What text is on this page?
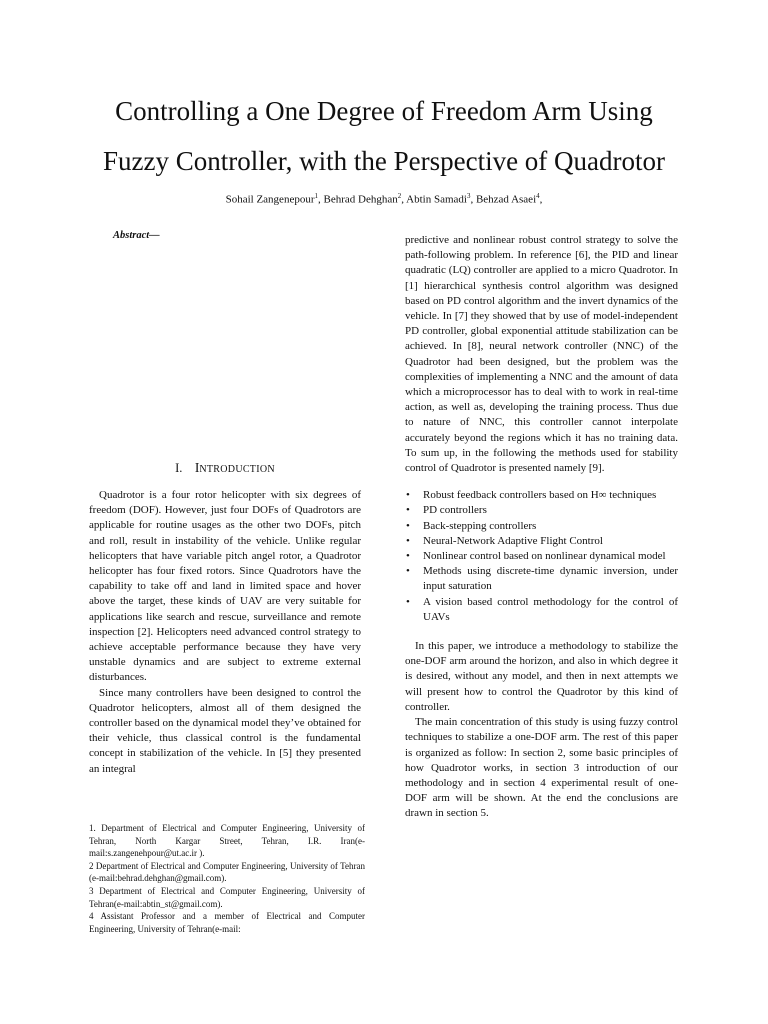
Controlling a One Degree of Freedom Arm Using
Fuzzy Controller, with the Perspective of Quadrotor
Sohail Zangenepour$^1$, Behrad Dehghan$^2$, Abtin Samadi$^3$, Behzad Asaei$^4$,
Abstract—
I. INTRODUCTION

Quadrotor is a four rotor helicopter with six degrees of freedom (DOF). However, just four DOFs of Quadrotors are applicable for routine usages as the other two DOFs, pitch and roll, result in instability of the vehicle. Unlike regular helicopters that have variable pitch angel rotor, a Quadrotor helicopter has four fixed rotors. Since Quadrotors have the capability to take off and land in limited space and hover above the target, these kinds of UAV are very suitable for applications like search and rescue, surveillance and remote inspection [2]. Helicopters need advanced control strategy to achieve acceptable performance because they have very unstable dynamics and are subject to extreme external disturbances.

Since many controllers have been designed to control the Quadrotor helicopters, almost all of them designed the controller based on the dynamical model they’ve obtained for their vehicle, thus classical control is the fundamental concept in stabilization of the vehicle. In [5] they presented an integral

1. Department of Electrical and Computer Engineering, University of Tehran, North Kargar Street, Tehran, I.R. Iran(e-mail:s.zangenehpour@ut.ac.ir ).
2 Department of Electrical and Computer Engineering, University of Tehran (e-mail:behrad.dehghan@gmail.com).
3 Department of Electrical and Computer Engineering, University of Tehran(e-mail:abtin_st@gmail.com).
4 Assistant Professor and a member of Electrical and Computer Engineering, University of Tehran(e-mail:

predictive and nonlinear robust control strategy to solve the path-following problem. In reference [6], the PID and linear quadratic (LQ) controller are applied to a micro Quadrotor. In [1] hierarchical synthesis control algorithm was designed based on PD control algorithm and the invert dynamics of the vehicle. In [7] they showed that by use of model-independent PD controller, global exponential attitude stabilization can be achieved. In [8], neural network controller (NNC) of the Quadrotor had been designed, but the problem was the complexities of implementing a NNC and the amount of data which a microprocessor has to deal with to work in real-time action, as well as, developing the training process. Thus due to nature of NNC, this controller cannot interpolate accurately beyond the regions which it has no training data. To sum up, in the following the methods used for stability control of Quadrotor is presented namely [9].

• Robust feedback controllers based on H∞ techniques
• PD controllers
• Back-stepping controllers
• Neural-Network Adaptive Flight Control
• Nonlinear control based on nonlinear dynamical model
• Methods using discrete-time dynamic inversion, under input saturation
• A vision based control methodology for the control of UAVs

In this paper, we introduce a methodology to stabilize the one-DOF arm around the horizon, and also in which degree it is desired, without any model, and then in next attempts we will present how to control the Quadrotor by this kind of controller.

The main concentration of this study is using fuzzy control techniques to stabilize a one-DOF arm. The rest of this paper is organized as follow: In section 2, some basic principles of how Quadrotor works, in section 3 introduction of our methodology and in section 4 experimental result of one-DOF arm will be shown. At the end the conclusions are drawn in section 5.
